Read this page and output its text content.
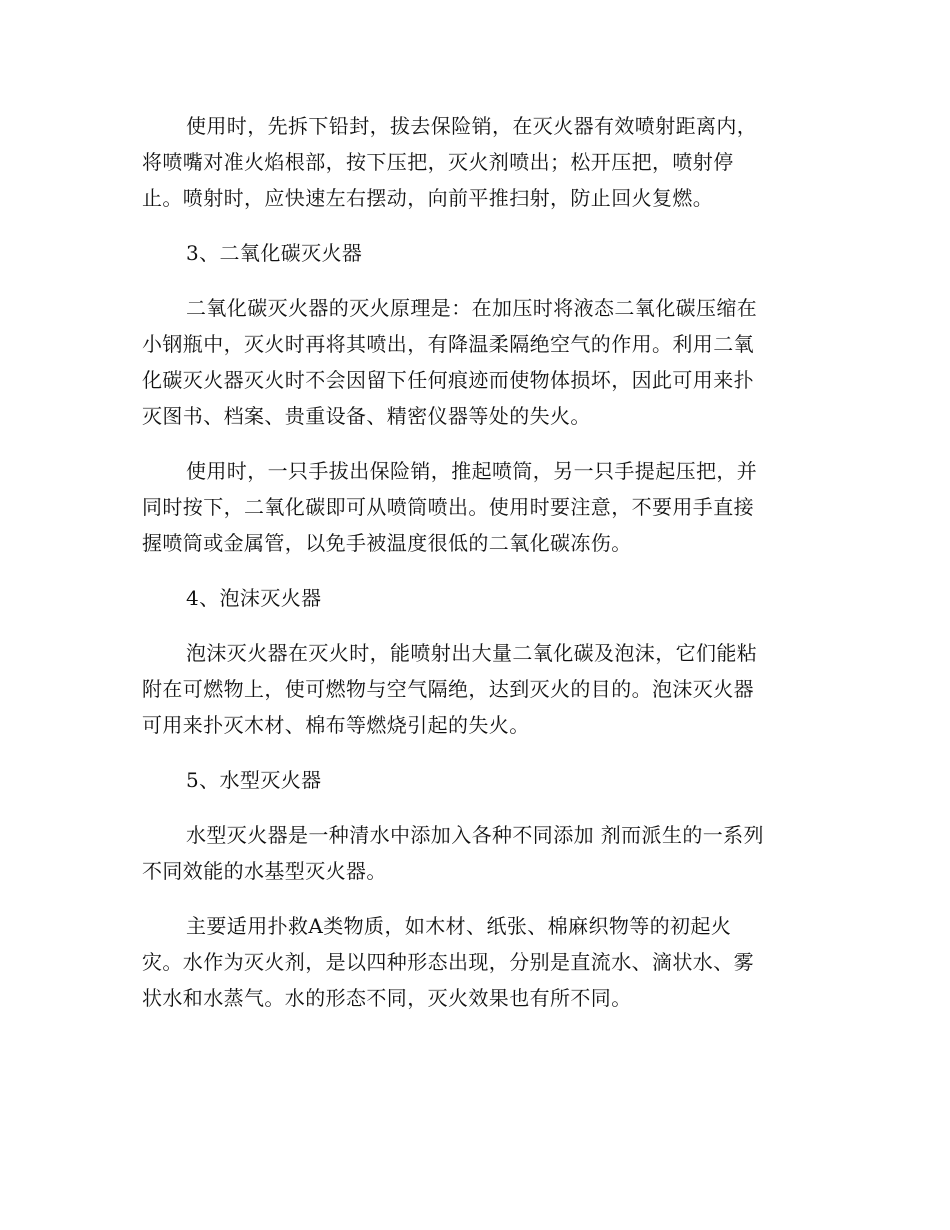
使用时，先拆下铅封，拔去保险销，在灭火器有效喷射距离内，
将喷嘴对准火焰根部，按下压把，灭火剂喷出；松开压把，喷射停
止。喷射时，应快速左右摆动，向前平推扫射，防止回火复燃。

3、二氧化碳灭火器

二氧化碳灭火器的灭火原理是：在加压时将液态二氧化碳压缩在
小钢瓶中，灭火时再将其喷出，有降温柔隔绝空气的作用。利用二氧
化碳灭火器灭火时不会因留下任何痕迹而使物体损坏，因此可用来扑
灭图书、档案、贵重设备、精密仪器等处的失火。

使用时，一只手拔出保险销，推起喷筒，另一只手提起压把，并
同时按下，二氧化碳即可从喷筒喷出。使用时要注意，不要用手直接
握喷筒或金属管，以免手被温度很低的二氧化碳冻伤。

4、泡沫灭火器

泡沫灭火器在灭火时，能喷射出大量二氧化碳及泡沫，它们能粘
附在可燃物上，使可燃物与空气隔绝，达到灭火的目的。泡沫灭火器
可用来扑灭木材、棉布等燃烧引起的失火。

5、水型灭火器

水型灭火器是一种清水中添加入各种不同添加 剂而派生的一系列
不同效能的水基型灭火器。

主要适用扑救A类物质，如木材、纸张、棉麻织物等的初起火
灾。水作为灭火剂，是以四种形态出现，分别是直流水、滴状水、雾
状水和水蒸气。水的形态不同，灭火效果也有所不同。
